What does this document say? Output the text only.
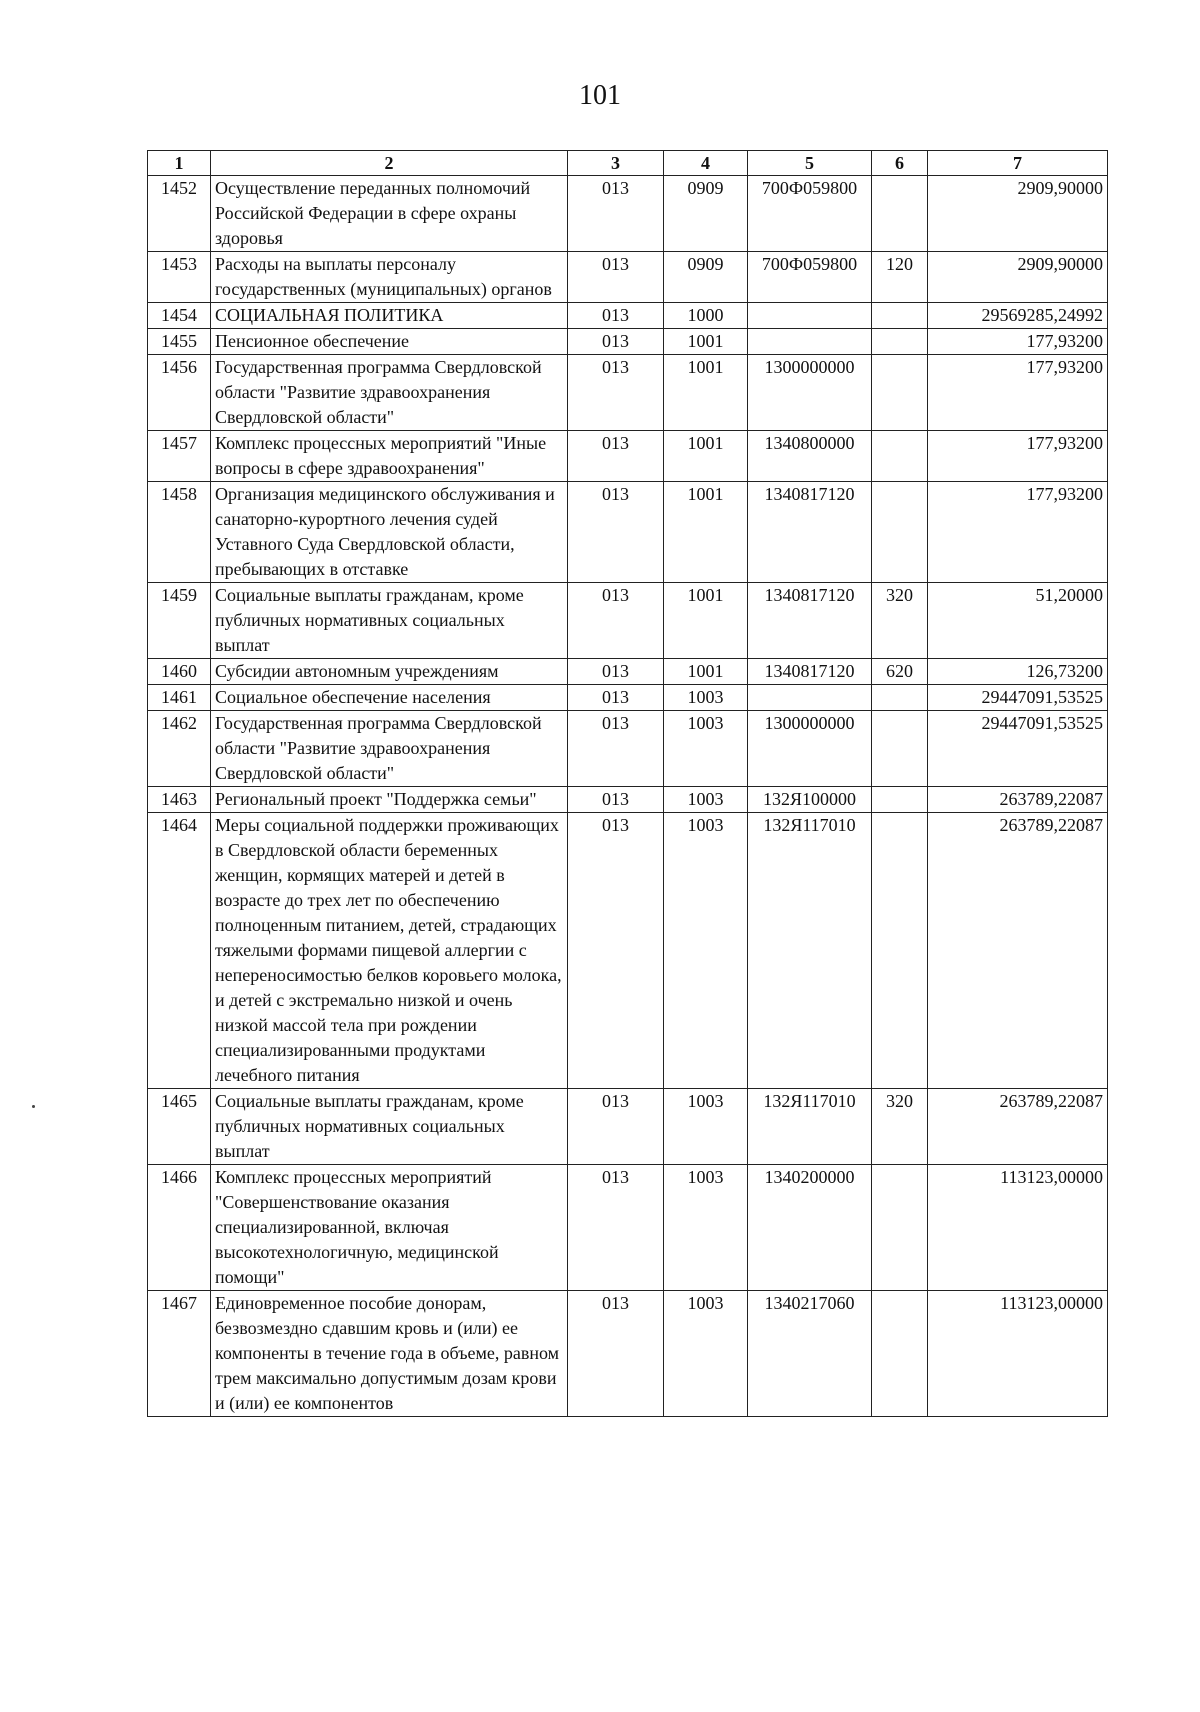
101
1	2	3	4	5	6	7
1452	Осуществление переданных полномочий Российской Федерации в сфере охраны здоровья	013	0909	700Ф059800		2909,90000
1453	Расходы на выплаты персоналу государственных (муниципальных) органов	013	0909	700Ф059800	120	2909,90000
1454	СОЦИАЛЬНАЯ ПОЛИТИКА	013	1000			29569285,24992
1455	Пенсионное обеспечение	013	1001			177,93200
1456	Государственная программа Свердловской области "Развитие здравоохранения Свердловской области"	013	1001	1300000000		177,93200
1457	Комплекс процессных мероприятий "Иные вопросы в сфере здравоохранения"	013	1001	1340800000		177,93200
1458	Организация медицинского обслуживания и санаторно-курортного лечения судей Уставного Суда Свердловской области, пребывающих в отставке	013	1001	1340817120		177,93200
1459	Социальные выплаты гражданам, кроме публичных нормативных социальных выплат	013	1001	1340817120	320	51,20000
1460	Субсидии автономным учреждениям	013	1001	1340817120	620	126,73200
1461	Социальное обеспечение населения	013	1003			29447091,53525
1462	Государственная программа Свердловской области "Развитие здравоохранения Свердловской области"	013	1003	1300000000		29447091,53525
1463	Региональный проект "Поддержка семьи"	013	1003	132Я100000		263789,22087
1464	Меры социальной поддержки проживающих в Свердловской области беременных женщин, кормящих матерей и детей в возрасте до трех лет по обеспечению полноценным питанием, детей, страдающих тяжелыми формами пищевой аллергии с непереносимостью белков коровьего молока, и детей с экстремально низкой и очень низкой массой тела при рождении специализированными продуктами лечебного питания	013	1003	132Я117010		263789,22087
1465	Социальные выплаты гражданам, кроме публичных нормативных социальных выплат	013	1003	132Я117010	320	263789,22087
1466	Комплекс процессных мероприятий "Совершенствование оказания специализированной, включая высокотехнологичную, медицинской помощи"	013	1003	1340200000		113123,00000
1467	Единовременное пособие донорам, безвозмездно сдавшим кровь и (или) ее компоненты в течение года в объеме, равном трем максимально допустимым дозам крови и (или) ее компонентов	013	1003	1340217060		113123,00000
